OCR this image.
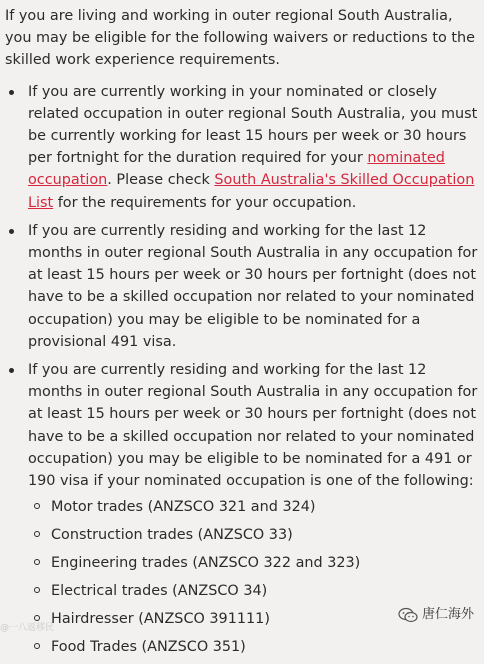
If you are living and working in outer regional South Australia, you may be eligible for the following waivers or reductions to the skilled work experience requirements.

If you are currently working in your nominated or closely related occupation in outer regional South Australia, you must be currently working for least 15 hours per week or 30 hours per fortnight for the duration required for your nominated occupation. Please check South Australia's Skilled Occupation List for the requirements for your occupation.
If you are currently residing and working for the last 12 months in outer regional South Australia in any occupation for at least 15 hours per week or 30 hours per fortnight (does not have to be a skilled occupation nor related to your nominated occupation) you may be eligible to be nominated for a provisional 491 visa.
If you are currently residing and working for the last 12 months in outer regional South Australia in any occupation for at least 15 hours per week or 30 hours per fortnight (does not have to be a skilled occupation nor related to your nominated occupation) you may be eligible to be nominated for a 491 or 190 visa if your nominated occupation is one of the following:
Motor trades (ANZSCO 321 and 324)
Construction trades (ANZSCO 33)
Engineering trades (ANZSCO 322 and 323)
Electrical trades (ANZSCO 34)
Hairdresser (ANZSCO 391111)
Food Trades (ANZSCO 351)
@一八返移民
唐仁海外
